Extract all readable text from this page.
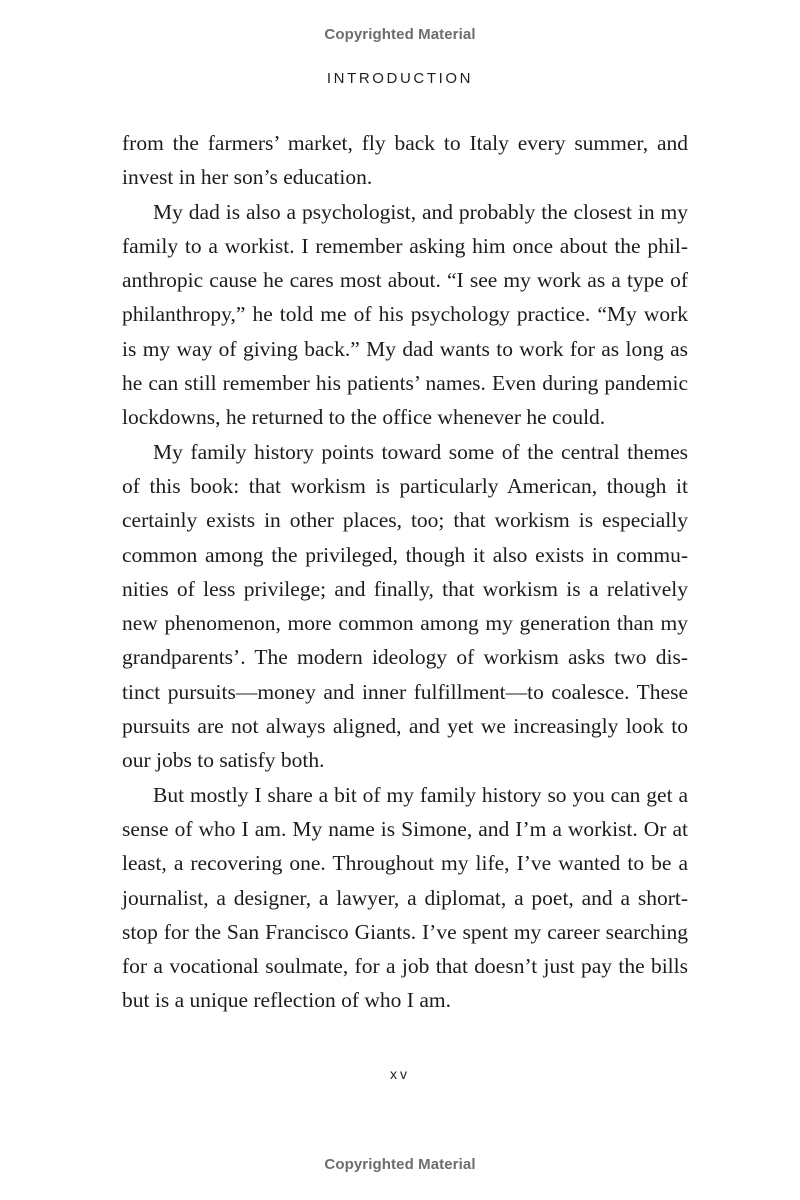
Copyrighted Material
INTRODUCTION

from the farmers’ market, fly back to Italy every summer, and invest in her son’s education.

My dad is also a psychologist, and probably the closest in my family to a workist. I remember asking him once about the philanthropic cause he cares most about. “I see my work as a type of philanthropy,” he told me of his psychology practice. “My work is my way of giving back.” My dad wants to work for as long as he can still remember his patients’ names. Even during pandemic lockdowns, he returned to the office whenever he could.

My family history points toward some of the central themes of this book: that workism is particularly American, though it certainly exists in other places, too; that workism is especially common among the privileged, though it also exists in communities of less privilege; and finally, that workism is a relatively new phenomenon, more common among my generation than my grandparents’. The modern ideology of workism asks two distinct pursuits—money and inner fulfillment—to coalesce. These pursuits are not always aligned, and yet we increasingly look to our jobs to satisfy both.

But mostly I share a bit of my family history so you can get a sense of who I am. My name is Simone, and I’m a workist. Or at least, a recovering one. Throughout my life, I’ve wanted to be a journalist, a designer, a lawyer, a diplomat, a poet, and a shortstop for the San Francisco Giants. I’ve spent my career searching for a vocational soulmate, for a job that doesn’t just pay the bills but is a unique reflection of who I am.

xv
Copyrighted Material
